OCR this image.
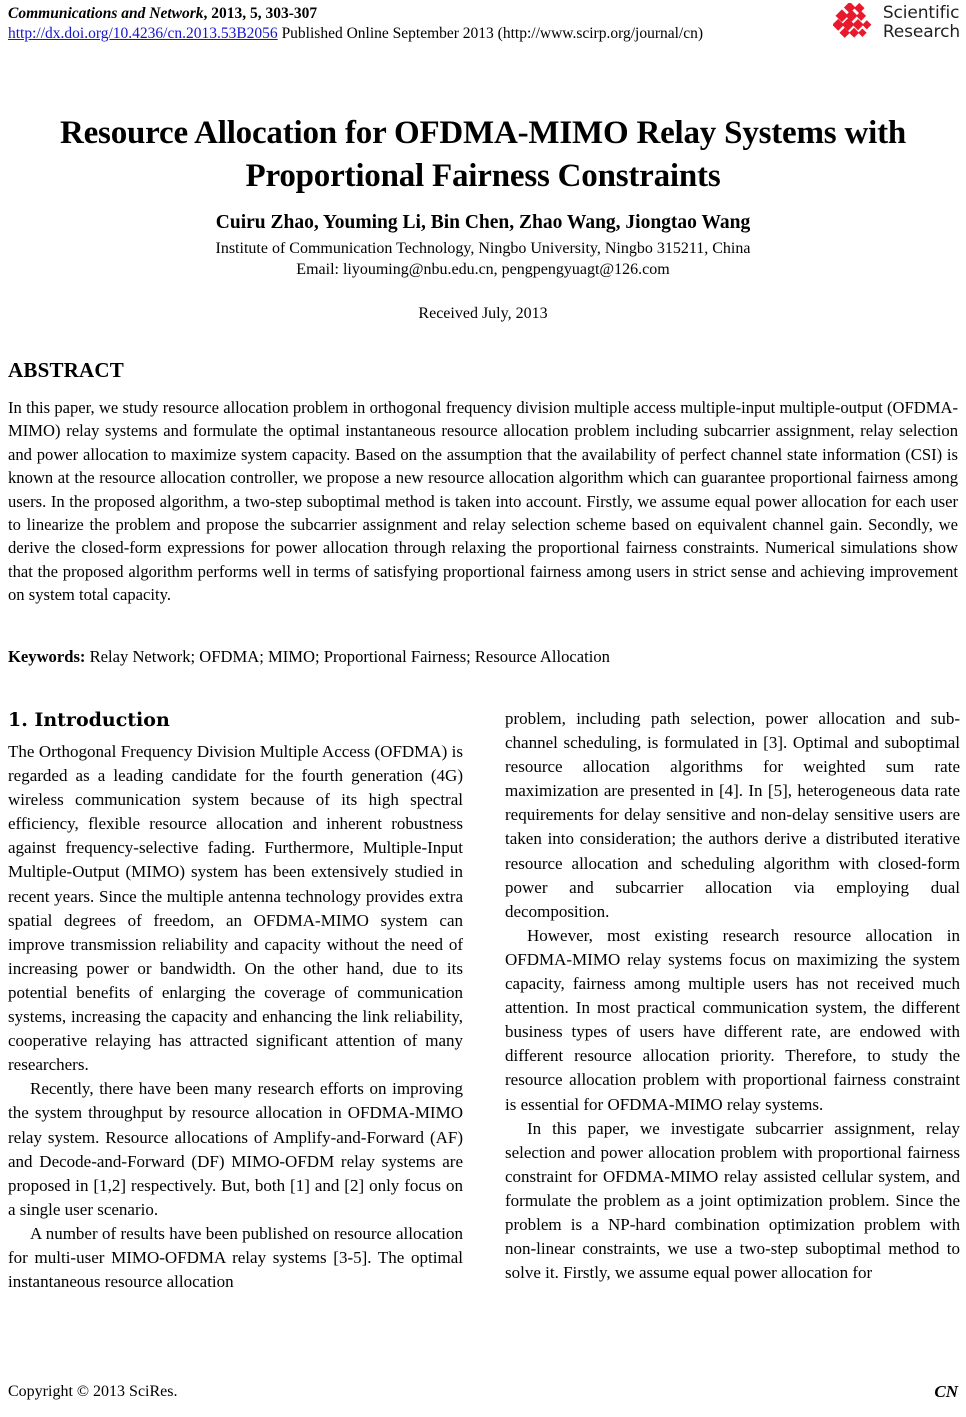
Communications and Network, 2013, 5, 303-307
http://dx.doi.org/10.4236/cn.2013.53B2056 Published Online September 2013 (http://www.scirp.org/journal/cn)
Scientific
Research
Resource Allocation for OFDMA-MIMO Relay Systems with Proportional Fairness Constraints
Cuiru Zhao, Youming Li, Bin Chen, Zhao Wang, Jiongtao Wang
Institute of Communication Technology, Ningbo University, Ningbo 315211, China
Email: liyouming@nbu.edu.cn, pengpengyuagt@126.com
Received July, 2013
ABSTRACT
In this paper, we study resource allocation problem in orthogonal frequency division multiple access multiple-input multiple-output (OFDMA-MIMO) relay systems and formulate the optimal instantaneous resource allocation problem including subcarrier assignment, relay selection and power allocation to maximize system capacity. Based on the assumption that the availability of perfect channel state information (CSI) is known at the resource allocation controller, we propose a new resource allocation algorithm which can guarantee proportional fairness among users. In the proposed algorithm, a two-step suboptimal method is taken into account. Firstly, we assume equal power allocation for each user to linearize the problem and propose the subcarrier assignment and relay selection scheme based on equivalent channel gain. Secondly, we derive the closed-form expressions for power allocation through relaxing the proportional fairness constraints. Numerical simulations show that the proposed algorithm performs well in terms of satisfying proportional fairness among users in strict sense and achieving improvement on system total capacity.
Keywords: Relay Network; OFDMA; MIMO; Proportional Fairness; Resource Allocation
1. Introduction

The Orthogonal Frequency Division Multiple Access (OFDMA) is regarded as a leading candidate for the fourth generation (4G) wireless communication system because of its high spectral efficiency, flexible resource allocation and inherent robustness against frequency-selective fading. Furthermore, Multiple-Input Multiple-Output (MIMO) system has been extensively studied in recent years. Since the multiple antenna technology provides extra spatial degrees of freedom, an OFDMA-MIMO system can improve transmission reliability and capacity without the need of increasing power or bandwidth. On the other hand, due to its potential benefits of enlarging the coverage of communication systems, increasing the capacity and enhancing the link reliability, cooperative relaying has attracted significant attention of many researchers.

Recently, there have been many research efforts on improving the system throughput by resource allocation in OFDMA-MIMO relay system. Resource allocations of Amplify-and-Forward (AF) and Decode-and-Forward (DF) MIMO-OFDM relay systems are proposed in [1,2] respectively. But, both [1] and [2] only focus on a single user scenario.

A number of results have been published on resource allocation for multi-user MIMO-OFDMA relay systems [3-5]. The optimal instantaneous resource allocation

problem, including path selection, power allocation and sub-channel scheduling, is formulated in [3]. Optimal and suboptimal resource allocation algorithms for weighted sum rate maximization are presented in [4]. In [5], heterogeneous data rate requirements for delay sensitive and non-delay sensitive users are taken into consideration; the authors derive a distributed iterative resource allocation and scheduling algorithm with closed-form power and subcarrier allocation via employing dual decomposition.

However, most existing research resource allocation in OFDMA-MIMO relay systems focus on maximizing the system capacity, fairness among multiple users has not received much attention. In most practical communication system, the different business types of users have different rate, are endowed with different resource allocation priority. Therefore, to study the resource allocation problem with proportional fairness constraint is essential for OFDMA-MIMO relay systems.

In this paper, we investigate subcarrier assignment, relay selection and power allocation problem with proportional fairness constraint for OFDMA-MIMO relay assisted cellular system, and formulate the problem as a joint optimization problem. Since the problem is a NP-hard combination optimization problem with non-linear constraints, we use a two-step suboptimal method to solve it. Firstly, we assume equal power allocation for

Copyright © 2013 SciRes.	CN
